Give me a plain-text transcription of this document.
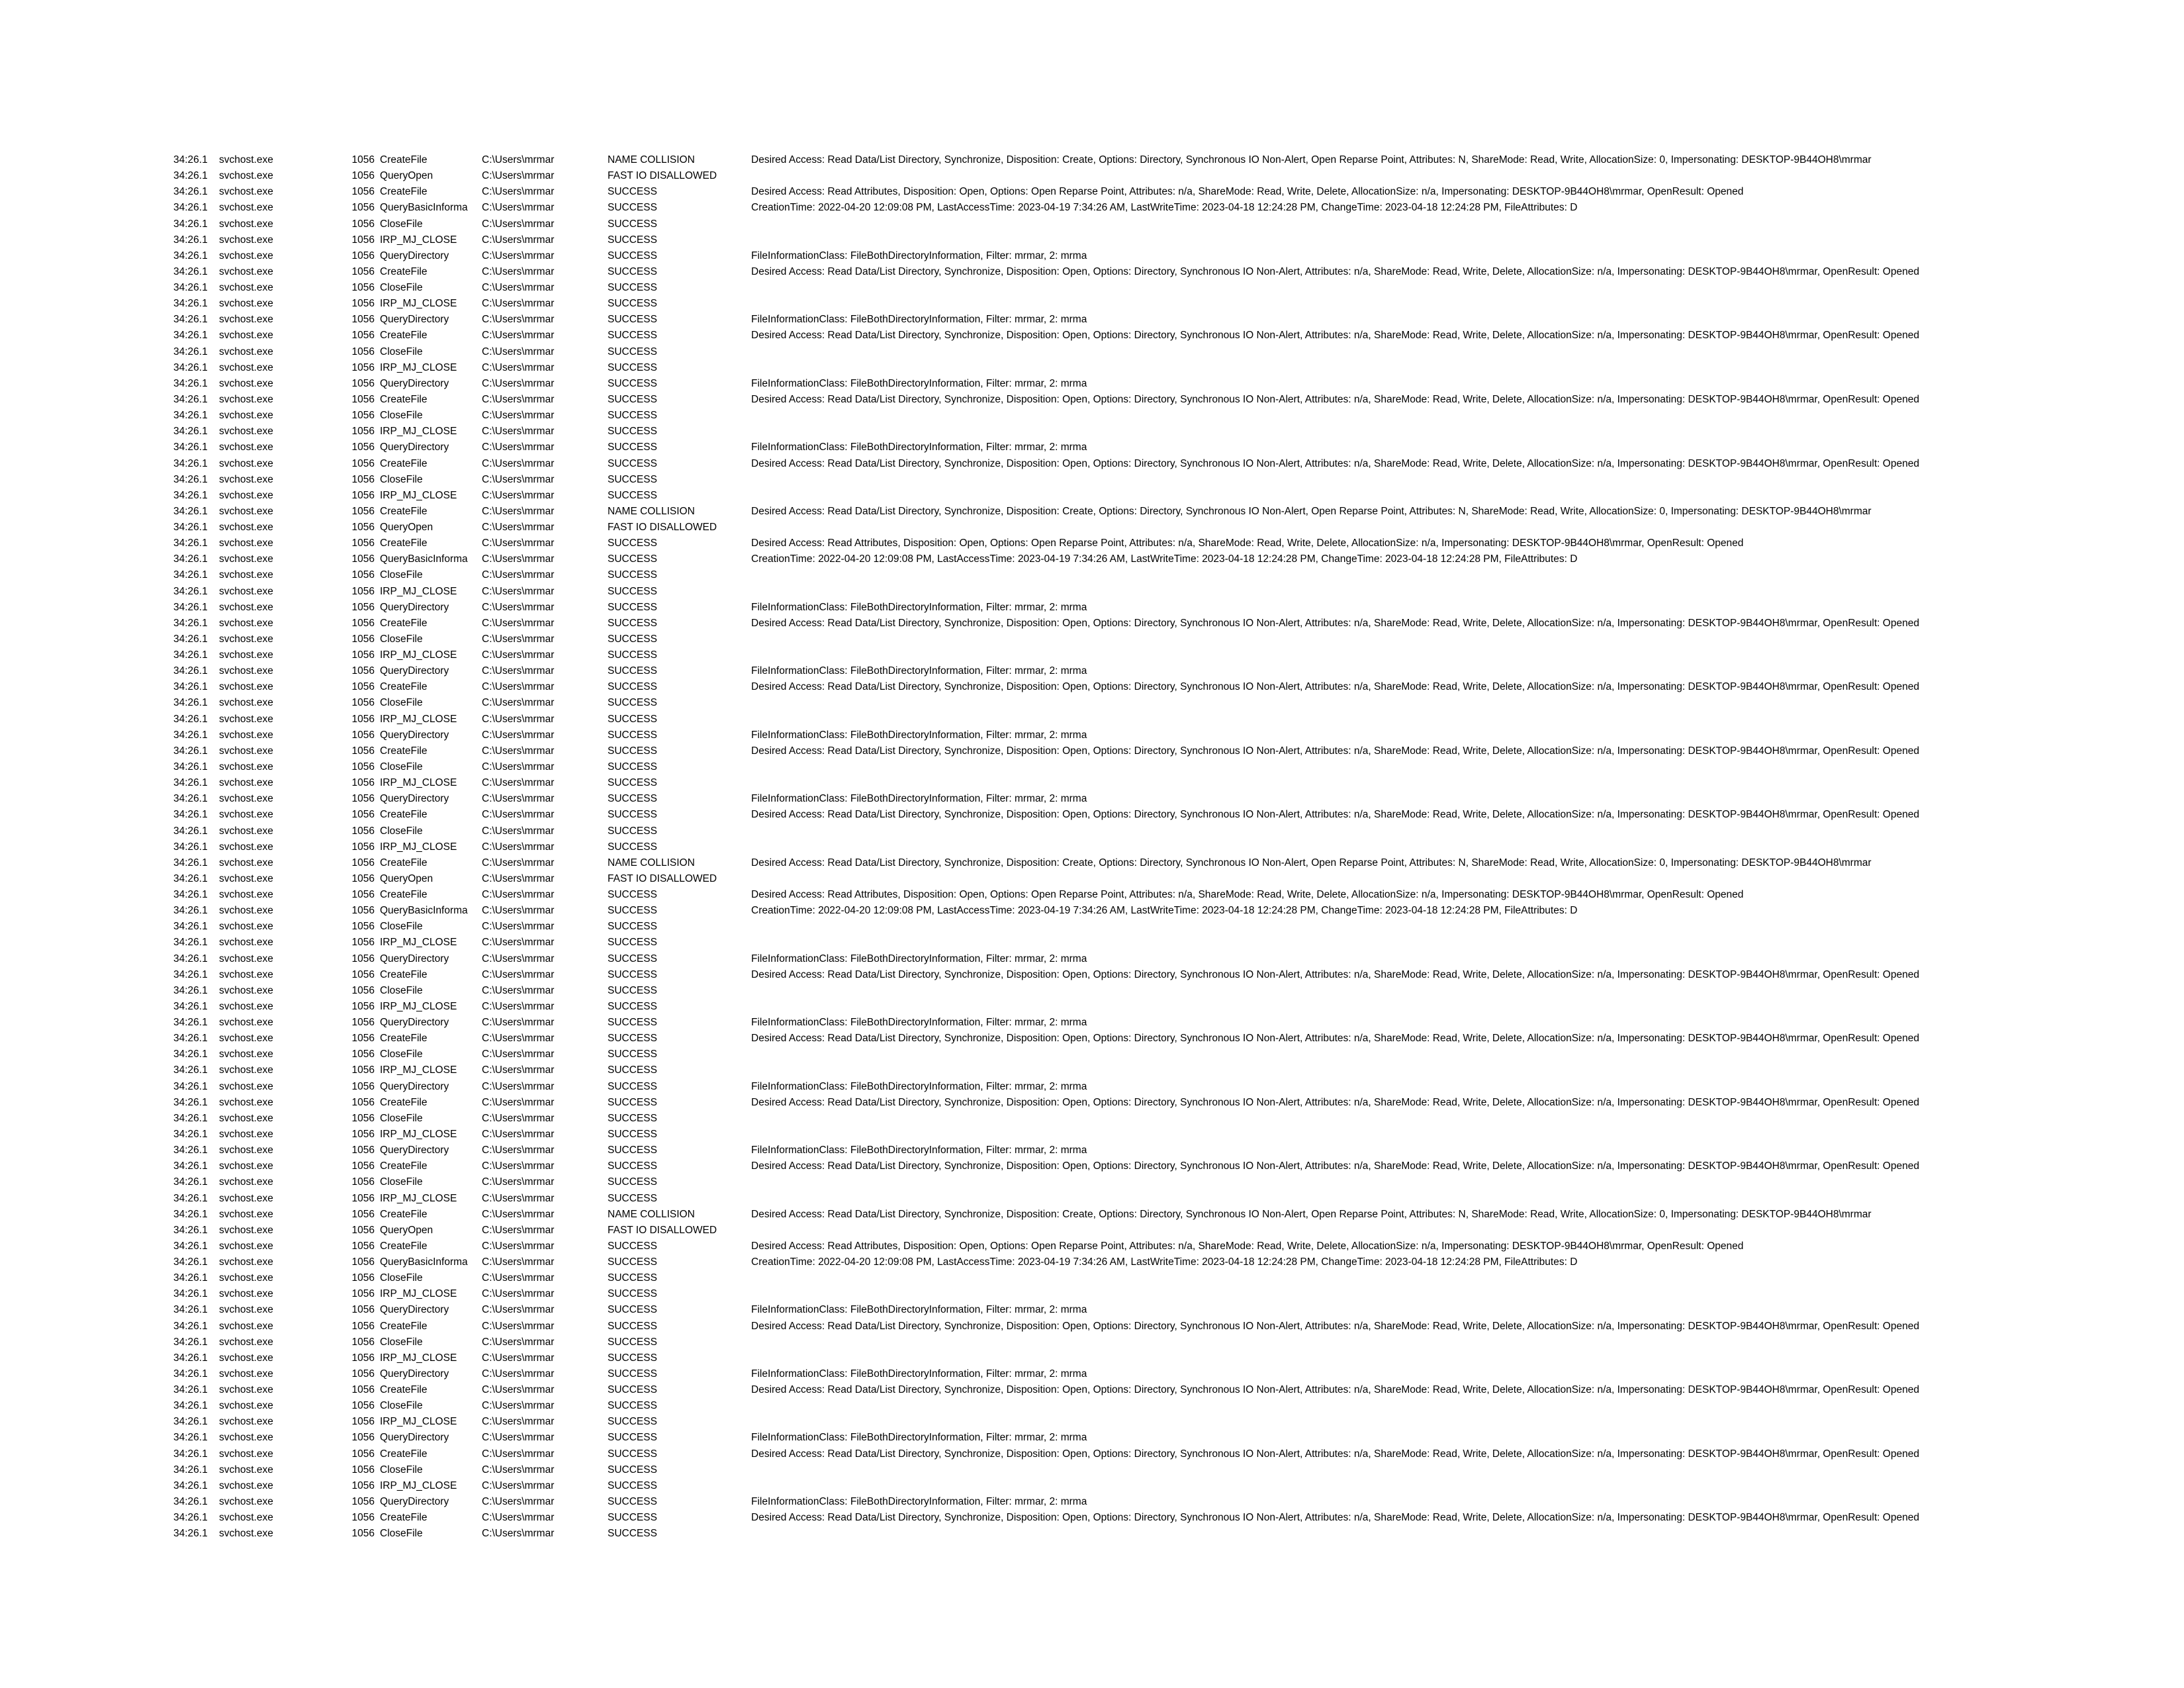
34:26.1	svchost.exe	1056 CreateFile	C:\Users\mrmar	NAME COLLISION	Desired Access: Read Data/List Directory, Synchronize, Disposition: Create, Options: Directory, Synchronous IO Non-Alert, Open Reparse Point, Attributes: N, ShareMode: Read, Write, AllocationSize: 0, Impersonating: DESKTOP-9B44OH8\mrmar
34:26.1	svchost.exe	1056 QueryOpen	C:\Users\mrmar	FAST IO DISALLOWED
34:26.1	svchost.exe	1056 CreateFile	C:\Users\mrmar	SUCCESS	Desired Access: Read Attributes, Disposition: Open, Options: Open Reparse Point, Attributes: n/a, ShareMode: Read, Write, Delete, AllocationSize: n/a, Impersonating: DESKTOP-9B44OH8\mrmar, OpenResult: Opened
34:26.1	svchost.exe	1056 QueryBasicInforma	C:\Users\mrmar	SUCCESS	CreationTime: 2022-04-20 12:09:08 PM, LastAccessTime: 2023-04-19 7:34:26 AM, LastWriteTime: 2023-04-18 12:24:28 PM, ChangeTime: 2023-04-18 12:24:28 PM, FileAttributes: D
34:26.1	svchost.exe	1056 CloseFile	C:\Users\mrmar	SUCCESS
34:26.1	svchost.exe	1056 IRP_MJ_CLOSE	C:\Users\mrmar	SUCCESS
34:26.1	svchost.exe	1056 QueryDirectory	C:\Users\mrmar	SUCCESS	FileInformationClass: FileBothDirectoryInformation, Filter: mrmar, 2: mrma
34:26.1	svchost.exe	1056 CreateFile	C:\Users\mrmar	SUCCESS	Desired Access: Read Data/List Directory, Synchronize, Disposition: Open, Options: Directory, Synchronous IO Non-Alert, Attributes: n/a, ShareMode: Read, Write, Delete, AllocationSize: n/a, Impersonating: DESKTOP-9B44OH8\mrmar, OpenResult: Opened
34:26.1	svchost.exe	1056 CloseFile	C:\Users\mrmar	SUCCESS
34:26.1	svchost.exe	1056 IRP_MJ_CLOSE	C:\Users\mrmar	SUCCESS
34:26.1	svchost.exe	1056 QueryDirectory	C:\Users\mrmar	SUCCESS	FileInformationClass: FileBothDirectoryInformation, Filter: mrmar, 2: mrma
34:26.1	svchost.exe	1056 CreateFile	C:\Users\mrmar	SUCCESS	Desired Access: Read Data/List Directory, Synchronize, Disposition: Open, Options: Directory, Synchronous IO Non-Alert, Attributes: n/a, ShareMode: Read, Write, Delete, AllocationSize: n/a, Impersonating: DESKTOP-9B44OH8\mrmar, OpenResult: Opened
34:26.1	svchost.exe	1056 CloseFile	C:\Users\mrmar	SUCCESS
34:26.1	svchost.exe	1056 IRP_MJ_CLOSE	C:\Users\mrmar	SUCCESS
34:26.1	svchost.exe	1056 QueryDirectory	C:\Users\mrmar	SUCCESS	FileInformationClass: FileBothDirectoryInformation, Filter: mrmar, 2: mrma
34:26.1	svchost.exe	1056 CreateFile	C:\Users\mrmar	SUCCESS	Desired Access: Read Data/List Directory, Synchronize, Disposition: Open, Options: Directory, Synchronous IO Non-Alert, Attributes: n/a, ShareMode: Read, Write, Delete, AllocationSize: n/a, Impersonating: DESKTOP-9B44OH8\mrmar, OpenResult: Opened
34:26.1	svchost.exe	1056 CloseFile	C:\Users\mrmar	SUCCESS
34:26.1	svchost.exe	1056 IRP_MJ_CLOSE	C:\Users\mrmar	SUCCESS
34:26.1	svchost.exe	1056 QueryDirectory	C:\Users\mrmar	SUCCESS	FileInformationClass: FileBothDirectoryInformation, Filter: mrmar, 2: mrma
34:26.1	svchost.exe	1056 CreateFile	C:\Users\mrmar	SUCCESS	Desired Access: Read Data/List Directory, Synchronize, Disposition: Open, Options: Directory, Synchronous IO Non-Alert, Attributes: n/a, ShareMode: Read, Write, Delete, AllocationSize: n/a, Impersonating: DESKTOP-9B44OH8\mrmar, OpenResult: Opened
34:26.1	svchost.exe	1056 CloseFile	C:\Users\mrmar	SUCCESS
34:26.1	svchost.exe	1056 IRP_MJ_CLOSE	C:\Users\mrmar	SUCCESS
34:26.1	svchost.exe	1056 CreateFile	C:\Users\mrmar	NAME COLLISION	Desired Access: Read Data/List Directory, Synchronize, Disposition: Create, Options: Directory, Synchronous IO Non-Alert, Open Reparse Point, Attributes: N, ShareMode: Read, Write, AllocationSize: 0, Impersonating: DESKTOP-9B44OH8\mrmar
34:26.1	svchost.exe	1056 QueryOpen	C:\Users\mrmar	FAST IO DISALLOWED
34:26.1	svchost.exe	1056 CreateFile	C:\Users\mrmar	SUCCESS	Desired Access: Read Attributes, Disposition: Open, Options: Open Reparse Point, Attributes: n/a, ShareMode: Read, Write, Delete, AllocationSize: n/a, Impersonating: DESKTOP-9B44OH8\mrmar, OpenResult: Opened
34:26.1	svchost.exe	1056 QueryBasicInforma	C:\Users\mrmar	SUCCESS	CreationTime: 2022-04-20 12:09:08 PM, LastAccessTime: 2023-04-19 7:34:26 AM, LastWriteTime: 2023-04-18 12:24:28 PM, ChangeTime: 2023-04-18 12:24:28 PM, FileAttributes: D
34:26.1	svchost.exe	1056 CloseFile	C:\Users\mrmar	SUCCESS
34:26.1	svchost.exe	1056 IRP_MJ_CLOSE	C:\Users\mrmar	SUCCESS
34:26.1	svchost.exe	1056 QueryDirectory	C:\Users\mrmar	SUCCESS	FileInformationClass: FileBothDirectoryInformation, Filter: mrmar, 2: mrma
34:26.1	svchost.exe	1056 CreateFile	C:\Users\mrmar	SUCCESS	Desired Access: Read Data/List Directory, Synchronize, Disposition: Open, Options: Directory, Synchronous IO Non-Alert, Attributes: n/a, ShareMode: Read, Write, Delete, AllocationSize: n/a, Impersonating: DESKTOP-9B44OH8\mrmar, OpenResult: Opened
34:26.1	svchost.exe	1056 CloseFile	C:\Users\mrmar	SUCCESS
34:26.1	svchost.exe	1056 IRP_MJ_CLOSE	C:\Users\mrmar	SUCCESS
34:26.1	svchost.exe	1056 QueryDirectory	C:\Users\mrmar	SUCCESS	FileInformationClass: FileBothDirectoryInformation, Filter: mrmar, 2: mrma
34:26.1	svchost.exe	1056 CreateFile	C:\Users\mrmar	SUCCESS	Desired Access: Read Data/List Directory, Synchronize, Disposition: Open, Options: Directory, Synchronous IO Non-Alert, Attributes: n/a, ShareMode: Read, Write, Delete, AllocationSize: n/a, Impersonating: DESKTOP-9B44OH8\mrmar, OpenResult: Opened
34:26.1	svchost.exe	1056 CloseFile	C:\Users\mrmar	SUCCESS
34:26.1	svchost.exe	1056 IRP_MJ_CLOSE	C:\Users\mrmar	SUCCESS
34:26.1	svchost.exe	1056 QueryDirectory	C:\Users\mrmar	SUCCESS	FileInformationClass: FileBothDirectoryInformation, Filter: mrmar, 2: mrma
34:26.1	svchost.exe	1056 CreateFile	C:\Users\mrmar	SUCCESS	Desired Access: Read Data/List Directory, Synchronize, Disposition: Open, Options: Directory, Synchronous IO Non-Alert, Attributes: n/a, ShareMode: Read, Write, Delete, AllocationSize: n/a, Impersonating: DESKTOP-9B44OH8\mrmar, OpenResult: Opened
34:26.1	svchost.exe	1056 CloseFile	C:\Users\mrmar	SUCCESS
34:26.1	svchost.exe	1056 IRP_MJ_CLOSE	C:\Users\mrmar	SUCCESS
34:26.1	svchost.exe	1056 QueryDirectory	C:\Users\mrmar	SUCCESS	FileInformationClass: FileBothDirectoryInformation, Filter: mrmar, 2: mrma
34:26.1	svchost.exe	1056 CreateFile	C:\Users\mrmar	SUCCESS	Desired Access: Read Data/List Directory, Synchronize, Disposition: Open, Options: Directory, Synchronous IO Non-Alert, Attributes: n/a, ShareMode: Read, Write, Delete, AllocationSize: n/a, Impersonating: DESKTOP-9B44OH8\mrmar, OpenResult: Opened
34:26.1	svchost.exe	1056 CloseFile	C:\Users\mrmar	SUCCESS
34:26.1	svchost.exe	1056 IRP_MJ_CLOSE	C:\Users\mrmar	SUCCESS
34:26.1	svchost.exe	1056 CreateFile	C:\Users\mrmar	NAME COLLISION	Desired Access: Read Data/List Directory, Synchronize, Disposition: Create, Options: Directory, Synchronous IO Non-Alert, Open Reparse Point, Attributes: N, ShareMode: Read, Write, AllocationSize: 0, Impersonating: DESKTOP-9B44OH8\mrmar
34:26.1	svchost.exe	1056 QueryOpen	C:\Users\mrmar	FAST IO DISALLOWED
34:26.1	svchost.exe	1056 CreateFile	C:\Users\mrmar	SUCCESS	Desired Access: Read Attributes, Disposition: Open, Options: Open Reparse Point, Attributes: n/a, ShareMode: Read, Write, Delete, AllocationSize: n/a, Impersonating: DESKTOP-9B44OH8\mrmar, OpenResult: Opened
34:26.1	svchost.exe	1056 QueryBasicInforma	C:\Users\mrmar	SUCCESS	CreationTime: 2022-04-20 12:09:08 PM, LastAccessTime: 2023-04-19 7:34:26 AM, LastWriteTime: 2023-04-18 12:24:28 PM, ChangeTime: 2023-04-18 12:24:28 PM, FileAttributes: D
34:26.1	svchost.exe	1056 CloseFile	C:\Users\mrmar	SUCCESS
34:26.1	svchost.exe	1056 IRP_MJ_CLOSE	C:\Users\mrmar	SUCCESS
34:26.1	svchost.exe	1056 QueryDirectory	C:\Users\mrmar	SUCCESS	FileInformationClass: FileBothDirectoryInformation, Filter: mrmar, 2: mrma
34:26.1	svchost.exe	1056 CreateFile	C:\Users\mrmar	SUCCESS	Desired Access: Read Data/List Directory, Synchronize, Disposition: Open, Options: Directory, Synchronous IO Non-Alert, Attributes: n/a, ShareMode: Read, Write, Delete, AllocationSize: n/a, Impersonating: DESKTOP-9B44OH8\mrmar, OpenResult: Opened
34:26.1	svchost.exe	1056 CloseFile	C:\Users\mrmar	SUCCESS
34:26.1	svchost.exe	1056 IRP_MJ_CLOSE	C:\Users\mrmar	SUCCESS
34:26.1	svchost.exe	1056 QueryDirectory	C:\Users\mrmar	SUCCESS	FileInformationClass: FileBothDirectoryInformation, Filter: mrmar, 2: mrma
34:26.1	svchost.exe	1056 CreateFile	C:\Users\mrmar	SUCCESS	Desired Access: Read Data/List Directory, Synchronize, Disposition: Open, Options: Directory, Synchronous IO Non-Alert, Attributes: n/a, ShareMode: Read, Write, Delete, AllocationSize: n/a, Impersonating: DESKTOP-9B44OH8\mrmar, OpenResult: Opened
34:26.1	svchost.exe	1056 CloseFile	C:\Users\mrmar	SUCCESS
34:26.1	svchost.exe	1056 IRP_MJ_CLOSE	C:\Users\mrmar	SUCCESS
34:26.1	svchost.exe	1056 QueryDirectory	C:\Users\mrmar	SUCCESS	FileInformationClass: FileBothDirectoryInformation, Filter: mrmar, 2: mrma
34:26.1	svchost.exe	1056 CreateFile	C:\Users\mrmar	SUCCESS	Desired Access: Read Data/List Directory, Synchronize, Disposition: Open, Options: Directory, Synchronous IO Non-Alert, Attributes: n/a, ShareMode: Read, Write, Delete, AllocationSize: n/a, Impersonating: DESKTOP-9B44OH8\mrmar, OpenResult: Opened
34:26.1	svchost.exe	1056 CloseFile	C:\Users\mrmar	SUCCESS
34:26.1	svchost.exe	1056 IRP_MJ_CLOSE	C:\Users\mrmar	SUCCESS
34:26.1	svchost.exe	1056 QueryDirectory	C:\Users\mrmar	SUCCESS	FileInformationClass: FileBothDirectoryInformation, Filter: mrmar, 2: mrma
34:26.1	svchost.exe	1056 CreateFile	C:\Users\mrmar	SUCCESS	Desired Access: Read Data/List Directory, Synchronize, Disposition: Open, Options: Directory, Synchronous IO Non-Alert, Attributes: n/a, ShareMode: Read, Write, Delete, AllocationSize: n/a, Impersonating: DESKTOP-9B44OH8\mrmar, OpenResult: Opened
34:26.1	svchost.exe	1056 CloseFile	C:\Users\mrmar	SUCCESS
34:26.1	svchost.exe	1056 IRP_MJ_CLOSE	C:\Users\mrmar	SUCCESS
34:26.1	svchost.exe	1056 CreateFile	C:\Users\mrmar	NAME COLLISION	Desired Access: Read Data/List Directory, Synchronize, Disposition: Create, Options: Directory, Synchronous IO Non-Alert, Open Reparse Point, Attributes: N, ShareMode: Read, Write, AllocationSize: 0, Impersonating: DESKTOP-9B44OH8\mrmar
34:26.1	svchost.exe	1056 QueryOpen	C:\Users\mrmar	FAST IO DISALLOWED
34:26.1	svchost.exe	1056 CreateFile	C:\Users\mrmar	SUCCESS	Desired Access: Read Attributes, Disposition: Open, Options: Open Reparse Point, Attributes: n/a, ShareMode: Read, Write, Delete, AllocationSize: n/a, Impersonating: DESKTOP-9B44OH8\mrmar, OpenResult: Opened
34:26.1	svchost.exe	1056 QueryBasicInforma	C:\Users\mrmar	SUCCESS	CreationTime: 2022-04-20 12:09:08 PM, LastAccessTime: 2023-04-19 7:34:26 AM, LastWriteTime: 2023-04-18 12:24:28 PM, ChangeTime: 2023-04-18 12:24:28 PM, FileAttributes: D
34:26.1	svchost.exe	1056 CloseFile	C:\Users\mrmar	SUCCESS
34:26.1	svchost.exe	1056 IRP_MJ_CLOSE	C:\Users\mrmar	SUCCESS
34:26.1	svchost.exe	1056 QueryDirectory	C:\Users\mrmar	SUCCESS	FileInformationClass: FileBothDirectoryInformation, Filter: mrmar, 2: mrma
34:26.1	svchost.exe	1056 CreateFile	C:\Users\mrmar	SUCCESS	Desired Access: Read Data/List Directory, Synchronize, Disposition: Open, Options: Directory, Synchronous IO Non-Alert, Attributes: n/a, ShareMode: Read, Write, Delete, AllocationSize: n/a, Impersonating: DESKTOP-9B44OH8\mrmar, OpenResult: Opened
34:26.1	svchost.exe	1056 CloseFile	C:\Users\mrmar	SUCCESS
34:26.1	svchost.exe	1056 IRP_MJ_CLOSE	C:\Users\mrmar	SUCCESS
34:26.1	svchost.exe	1056 QueryDirectory	C:\Users\mrmar	SUCCESS	FileInformationClass: FileBothDirectoryInformation, Filter: mrmar, 2: mrma
34:26.1	svchost.exe	1056 CreateFile	C:\Users\mrmar	SUCCESS	Desired Access: Read Data/List Directory, Synchronize, Disposition: Open, Options: Directory, Synchronous IO Non-Alert, Attributes: n/a, ShareMode: Read, Write, Delete, AllocationSize: n/a, Impersonating: DESKTOP-9B44OH8\mrmar, OpenResult: Opened
34:26.1	svchost.exe	1056 CloseFile	C:\Users\mrmar	SUCCESS
34:26.1	svchost.exe	1056 IRP_MJ_CLOSE	C:\Users\mrmar	SUCCESS
34:26.1	svchost.exe	1056 QueryDirectory	C:\Users\mrmar	SUCCESS	FileInformationClass: FileBothDirectoryInformation, Filter: mrmar, 2: mrma
34:26.1	svchost.exe	1056 CreateFile	C:\Users\mrmar	SUCCESS	Desired Access: Read Data/List Directory, Synchronize, Disposition: Open, Options: Directory, Synchronous IO Non-Alert, Attributes: n/a, ShareMode: Read, Write, Delete, AllocationSize: n/a, Impersonating: DESKTOP-9B44OH8\mrmar, OpenResult: Opened
34:26.1	svchost.exe	1056 CloseFile	C:\Users\mrmar	SUCCESS
34:26.1	svchost.exe	1056 IRP_MJ_CLOSE	C:\Users\mrmar	SUCCESS
34:26.1	svchost.exe	1056 QueryDirectory	C:\Users\mrmar	SUCCESS	FileInformationClass: FileBothDirectoryInformation, Filter: mrmar, 2: mrma
34:26.1	svchost.exe	1056 CreateFile	C:\Users\mrmar	SUCCESS	Desired Access: Read Data/List Directory, Synchronize, Disposition: Open, Options: Directory, Synchronous IO Non-Alert, Attributes: n/a, ShareMode: Read, Write, Delete, AllocationSize: n/a, Impersonating: DESKTOP-9B44OH8\mrmar, OpenResult: Opened
34:26.1	svchost.exe	1056 CloseFile	C:\Users\mrmar	SUCCESS
